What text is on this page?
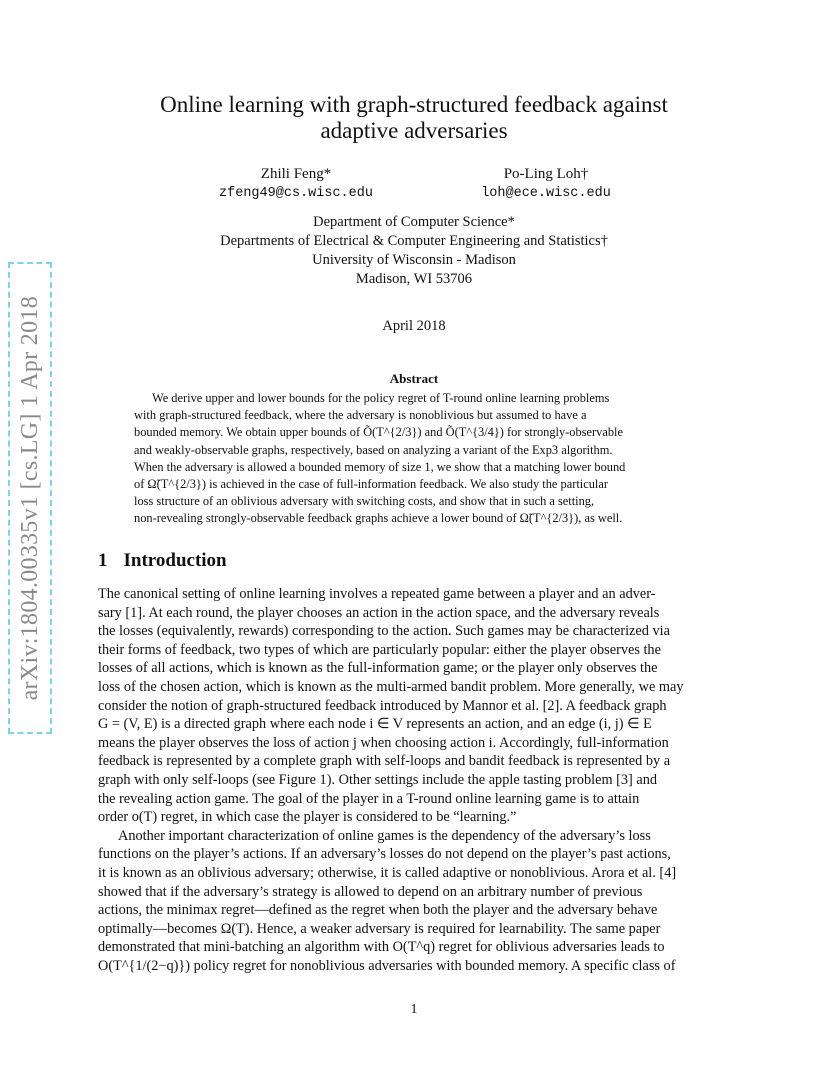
arXiv:1804.00335v1 [cs.LG] 1 Apr 2018
Online learning with graph-structured feedback against
adaptive adversaries
Zhili Feng*
zfeng49@cs.wisc.edu
Po-Ling Loh†
loh@ece.wisc.edu
Department of Computer Science*
Departments of Electrical & Computer Engineering and Statistics†
University of Wisconsin - Madison
Madison, WI 53706
April 2018
Abstract
We derive upper and lower bounds for the policy regret of T-round online learning problems
with graph-structured feedback, where the adversary is nonoblivious but assumed to have a
bounded memory. We obtain upper bounds of Õ(T^{2/3}) and Õ(T^{3/4}) for strongly-observable
and weakly-observable graphs, respectively, based on analyzing a variant of the Exp3 algorithm.
When the adversary is allowed a bounded memory of size 1, we show that a matching lower bound
of Ω̃(T^{2/3}) is achieved in the case of full-information feedback. We also study the particular
loss structure of an oblivious adversary with switching costs, and show that in such a setting,
non-revealing strongly-observable feedback graphs achieve a lower bound of Ω̃(T^{2/3}), as well.
1 Introduction
The canonical setting of online learning involves a repeated game between a player and an adver-
sary [1]. At each round, the player chooses an action in the action space, and the adversary reveals
the losses (equivalently, rewards) corresponding to the action. Such games may be characterized via
their forms of feedback, two types of which are particularly popular: either the player observes the
losses of all actions, which is known as the full-information game; or the player only observes the
loss of the chosen action, which is known as the multi-armed bandit problem. More generally, we may
consider the notion of graph-structured feedback introduced by Mannor et al. [2]. A feedback graph
G = (V, E) is a directed graph where each node i ∈ V represents an action, and an edge (i, j) ∈ E
means the player observes the loss of action j when choosing action i. Accordingly, full-information
feedback is represented by a complete graph with self-loops and bandit feedback is represented by a
graph with only self-loops (see Figure 1). Other settings include the apple tasting problem [3] and
the revealing action game. The goal of the player in a T-round online learning game is to attain
order o(T) regret, in which case the player is considered to be “learning.”
Another important characterization of online games is the dependency of the adversary’s loss
functions on the player’s actions. If an adversary’s losses do not depend on the player’s past actions,
it is known as an oblivious adversary; otherwise, it is called adaptive or nonoblivious. Arora et al. [4]
showed that if the adversary’s strategy is allowed to depend on an arbitrary number of previous
actions, the minimax regret—defined as the regret when both the player and the adversary behave
optimally—becomes Ω(T). Hence, a weaker adversary is required for learnability. The same paper
demonstrated that mini-batching an algorithm with O(T^q) regret for oblivious adversaries leads to
O(T^{1/(2−q)}) policy regret for nonoblivious adversaries with bounded memory. A specific class of
1
